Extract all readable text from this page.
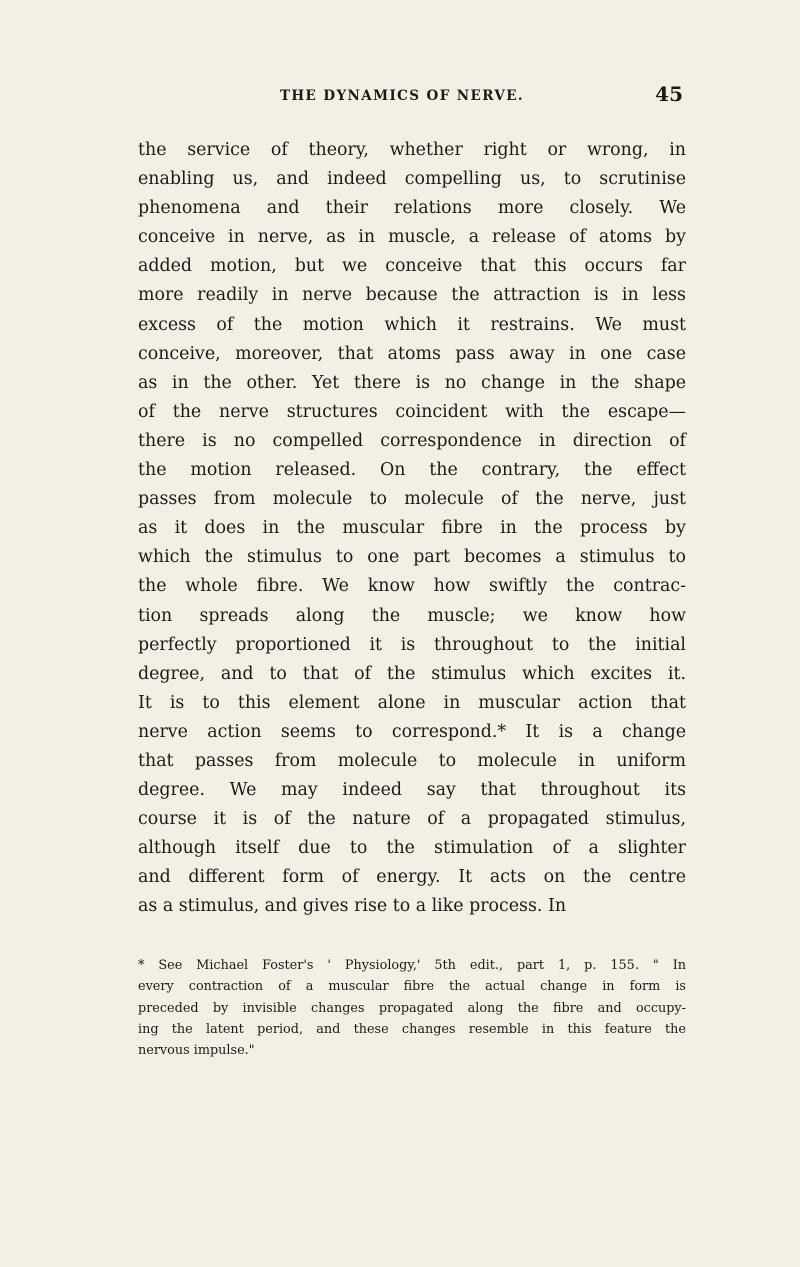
THE DYNAMICS OF NERVE.	45

the service of theory, whether right or wrong, in
enabling us, and indeed compelling us, to scrutinise
phenomena and their relations more closely. We
conceive in nerve, as in muscle, a release of atoms by
added motion, but we conceive that this occurs far
more readily in nerve because the attraction is in less
excess of the motion which it restrains. We must
conceive, moreover, that atoms pass away in one case
as in the other. Yet there is no change in the shape
of the nerve structures coincident with the escape—
there is no compelled correspondence in direction of
the motion released. On the contrary, the effect
passes from molecule to molecule of the nerve, just
as it does in the muscular fibre in the process by
which the stimulus to one part becomes a stimulus to
the whole fibre. We know how swiftly the contrac-
tion spreads along the muscle; we know how
perfectly proportioned it is throughout to the initial
degree, and to that of the stimulus which excites it.
It is to this element alone in muscular action that
nerve action seems to correspond.* It is a change
that passes from molecule to molecule in uniform
degree. We may indeed say that throughout its
course it is of the nature of a propagated stimulus,
although itself due to the stimulation of a slighter
and different form of energy. It acts on the centre
as a stimulus, and gives rise to a like process. In

* See Michael Foster's ' Physiology,' 5th edit., part 1, p. 155. " In
every contraction of a muscular fibre the actual change in form is
preceded by invisible changes propagated along the fibre and occupy-
ing the latent period, and these changes resemble in this feature the
nervous impulse."
